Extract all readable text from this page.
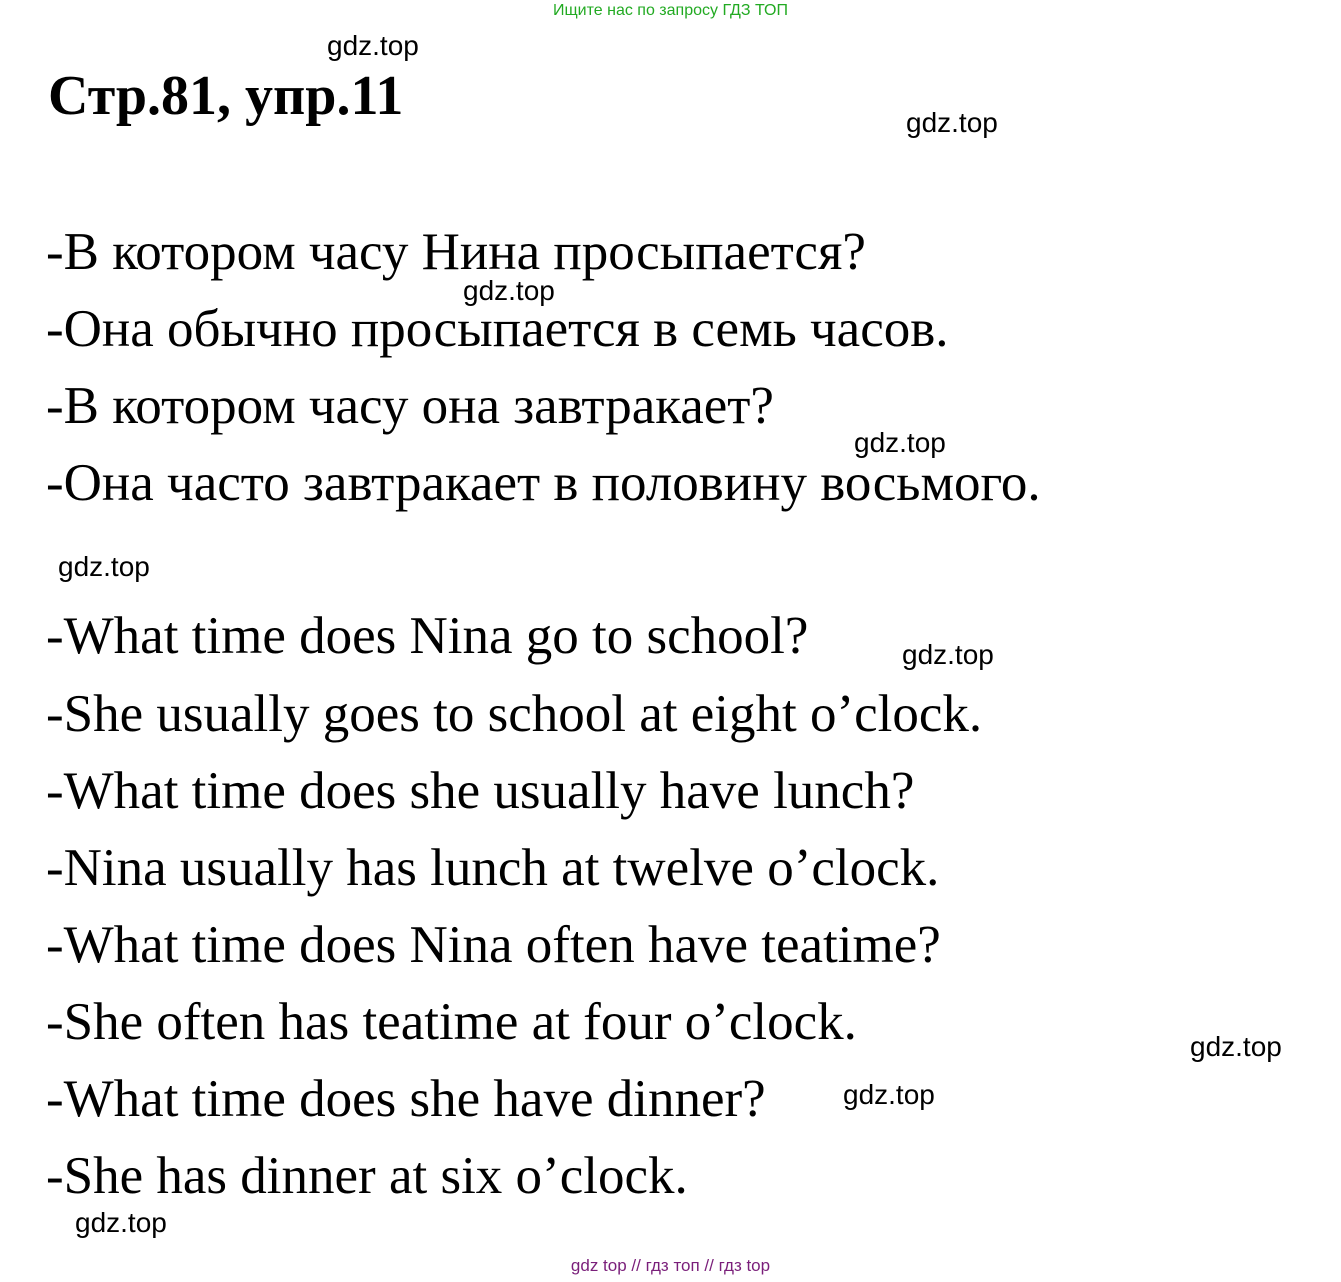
Ищите нас по запросу ГДЗ ТОП
Стр.81, упр.11

-В котором часу Нина просыпается?

-Она обычно просыпается в семь часов.

-В котором часу она завтракает?

-Она часто завтракает в половину восьмого.

-What time does Nina go to school?

-She usually goes to school at eight o’clock.

-What time does she usually have lunch?

-Nina usually has lunch at twelve o’clock.

-What time does Nina often have teatime?

-She often has teatime at four o’clock.

-What time does she have dinner?

-She has dinner at six o’clock.

gdz.top
gdz.top
gdz.top
gdz.top
gdz.top
gdz.top
gdz.top
gdz.top
gdz.top
gdz top // гдз топ // гдз top
